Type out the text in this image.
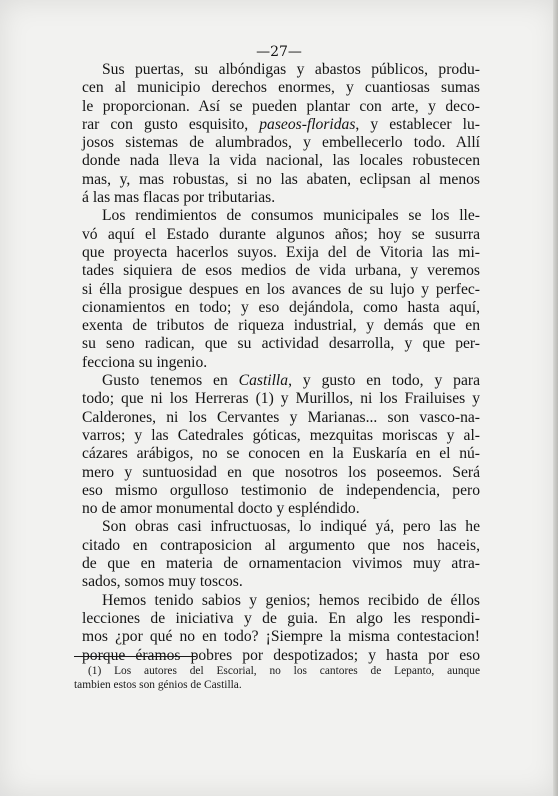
—27—
Sus puertas, su albóndigas y abastos públicos, produ-
cen al municipio derechos enormes, y cuantiosas sumas
le proporcionan. Así se pueden plantar con arte, y deco-
rar con gusto esquisito, paseos-floridas, y establecer lu-
josos sistemas de alumbrados, y embellecerlo todo. Allí
donde nada lleva la vida nacional, las locales robustecen
mas, y, mas robustas, si no las abaten, eclipsan al menos
á las mas flacas por tributarias.
Los rendimientos de consumos municipales se los lle-
vó aquí el Estado durante algunos años; hoy se susurra
que proyecta hacerlos suyos. Exija del de Vitoria las mi-
tades siquiera de esos medios de vida urbana, y veremos
si élla prosigue despues en los avances de su lujo y perfec-
cionamientos en todo; y eso dejándola, como hasta aquí,
exenta de tributos de riqueza industrial, y demás que en
su seno radican, que su actividad desarrolla, y que per-
fecciona su ingenio.
Gusto tenemos en Castilla, y gusto en todo, y para
todo; que ni los Herreras (1) y Murillos, ni los Frailuises y
Calderones, ni los Cervantes y Marianas... son vasco-na-
varros; y las Catedrales góticas, mezquitas moriscas y al-
cázares arábigos, no se conocen en la Euskaría en el nú-
mero y suntuosidad en que nosotros los poseemos. Será
eso mismo orgulloso testimonio de independencia, pero
no de amor monumental docto y espléndido.
Son obras casi infructuosas, lo indiqué yá, pero las he
citado en contraposicion al argumento que nos haceis,
de que en materia de ornamentacion vivimos muy atra-
sados, somos muy toscos.
Hemos tenido sabios y genios; hemos recibido de éllos
lecciones de iniciativa y de guia. En algo les respondi-
mos ¿por qué no en todo? ¡Siempre la misma contestacion!
porque éramos pobres por despotizados; y hasta por eso
(1) Los autores del Escorial, no los cantores de Lepanto, aunque
tambien estos son génios de Castilla.
